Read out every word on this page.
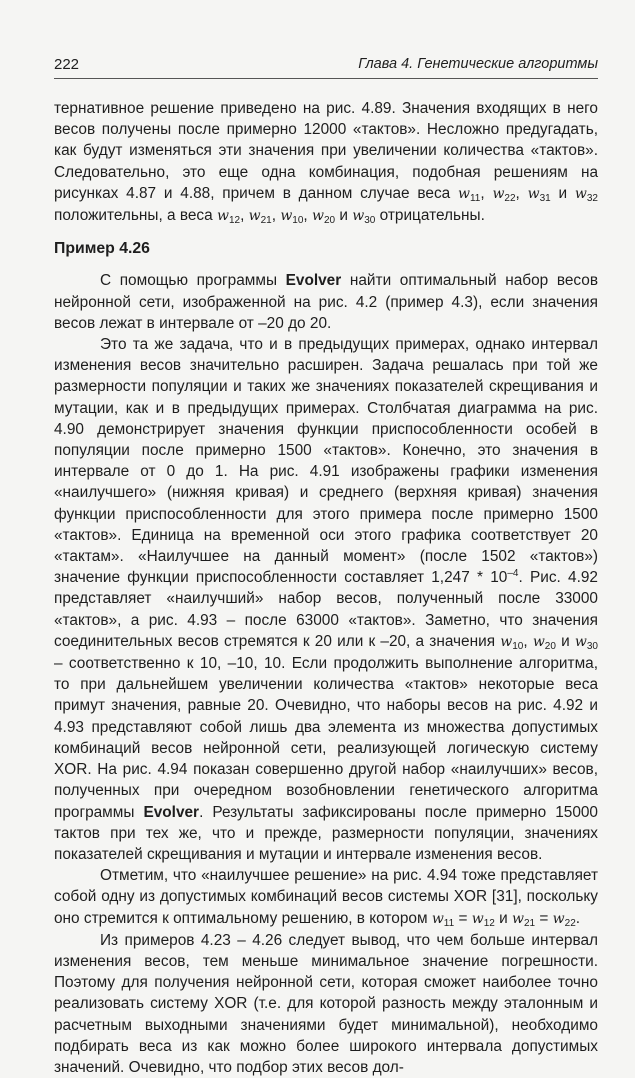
222	Глава 4. Генетические алгоритмы

тернативное решение приведено на рис. 4.89. Значения входящих в него весов получены после примерно 12000 «тактов». Несложно предугадать, как будут изменяться эти значения при увеличении количества «тактов». Следовательно, это еще одна комбинация, подобная решениям на рисунках 4.87 и 4.88, причем в данном случае веса $w_{11}$, $w_{22}$, $w_{31}$ и $w_{32}$ положительны, а веса $w_{12}$, $w_{21}$, $w_{10}$, $w_{20}$ и $w_{30}$ отрицательны.

Пример 4.26

С помощью программы Evolver найти оптимальный набор весов нейронной сети, изображенной на рис. 4.2 (пример 4.3), если значения весов лежат в интервале от –20 до 20.

Это та же задача, что и в предыдущих примерах, однако интервал изменения весов значительно расширен. Задача решалась при той же размерности популяции и таких же значениях показателей скрещивания и мутации, как и в предыдущих примерах. Столбчатая диаграмма на рис. 4.90 демонстрирует значения функции приспособленности особей в популяции после примерно 1500 «тактов». Конечно, это значения в интервале от 0 до 1. На рис. 4.91 изображены графики изменения «наилучшего» (нижняя кривая) и среднего (верхняя кривая) значения функции приспособленности для этого примера после примерно 1500 «тактов». Единица на временной оси этого графика соответствует 20 «тактам». «Наилучшее на данный момент» (после 1502 «тактов») значение функции приспособленности составляет $1,247 * 10^{-4}$. Рис. 4.92 представляет «наилучший» набор весов, полученный после 33000 «тактов», а рис. 4.93 – после 63000 «тактов». Заметно, что значения соединительных весов стремятся к 20 или к –20, а значения $w_{10}$, $w_{20}$ и $w_{30}$ – соответственно к 10, –10, 10. Если продолжить выполнение алгоритма, то при дальнейшем увеличении количества «тактов» некоторые веса примут значения, равные 20. Очевидно, что наборы весов на рис. 4.92 и 4.93 представляют собой лишь два элемента из множества допустимых комбинаций весов нейронной сети, реализующей логическую систему XOR. На рис. 4.94 показан совершенно другой набор «наилучших» весов, полученных при очередном возобновлении генетического алгоритма программы Evolver. Результаты зафиксированы после примерно 15000 тактов при тех же, что и прежде, размерности популяции, значениях показателей скрещивания и мутации и интервале изменения весов.

Отметим, что «наилучшее решение» на рис. 4.94 тоже представляет собой одну из допустимых комбинаций весов системы XOR [31], поскольку оно стремится к оптимальному решению, в котором $w_{11} = w_{12}$ и $w_{21} = w_{22}$.

Из примеров 4.23 – 4.26 следует вывод, что чем больше интервал изменения весов, тем меньше минимальное значение погрешности. Поэтому для получения нейронной сети, которая сможет наиболее точно реализовать систему XOR (т.е. для которой разность между эталонным и расчетным выходными значениями будет минимальной), необходимо подбирать веса из как можно более широкого интервала допустимых значений. Очевидно, что подбор этих весов дол-
